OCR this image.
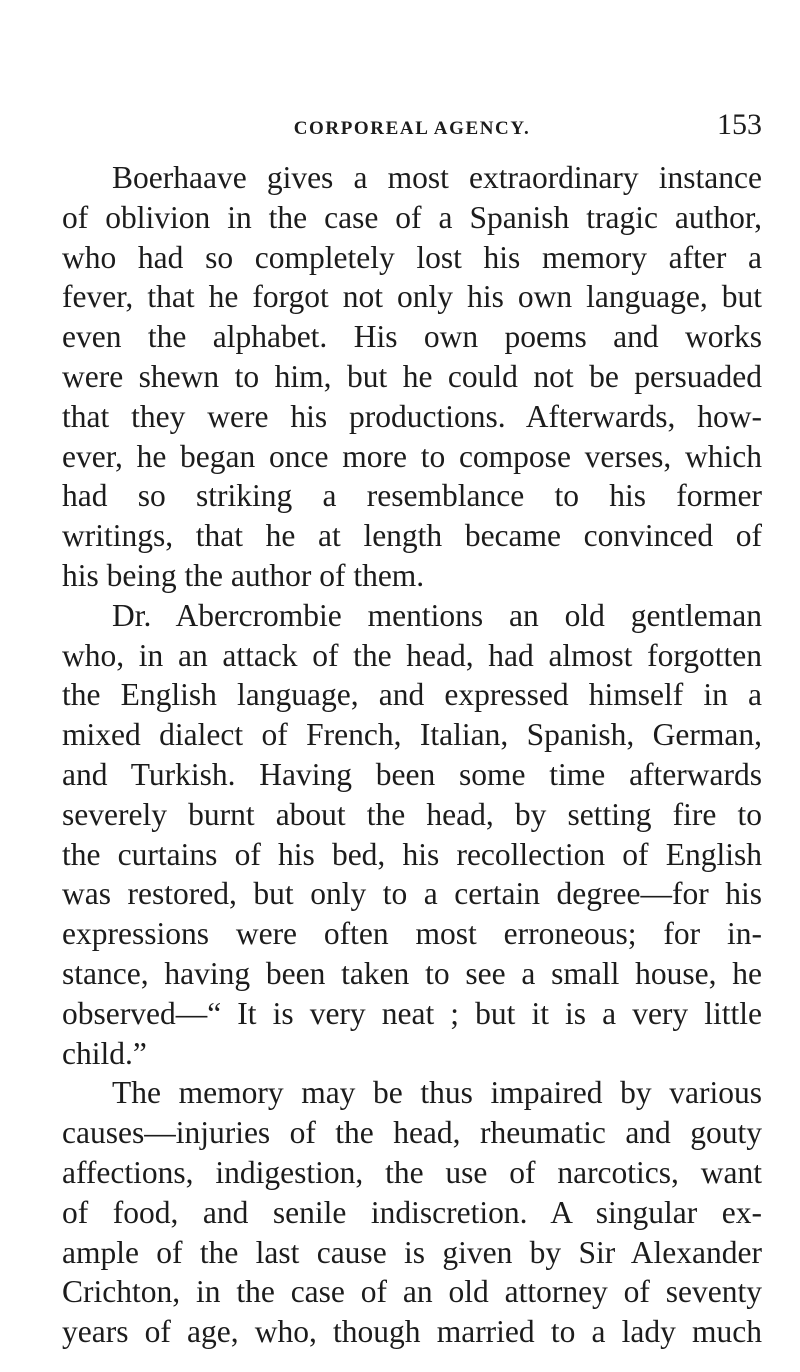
CORPOREAL AGENCY.	153
Boerhaave gives a most extraordinary instance
of oblivion in the case of a Spanish tragic author,
who had so completely lost his memory after a
fever, that he forgot not only his own language, but
even the alphabet. His own poems and works
were shewn to him, but he could not be persuaded
that they were his productions. Afterwards, how-
ever, he began once more to compose verses, which
had so striking a resemblance to his former
writings, that he at length became convinced of
his being the author of them.
Dr. Abercrombie mentions an old gentleman
who, in an attack of the head, had almost forgotten
the English language, and expressed himself in a
mixed dialect of French, Italian, Spanish, German,
and Turkish. Having been some time afterwards
severely burnt about the head, by setting fire to
the curtains of his bed, his recollection of English
was restored, but only to a certain degree—for his
expressions were often most erroneous; for in-
stance, having been taken to see a small house, he
observed—“ It is very neat ; but it is a very little
child.”
The memory may be thus impaired by various
causes—injuries of the head, rheumatic and gouty
affections, indigestion, the use of narcotics, want
of food, and senile indiscretion. A singular ex-
ample of the last cause is given by Sir Alexander
Crichton, in the case of an old attorney of seventy
years of age, who, though married to a lady much
